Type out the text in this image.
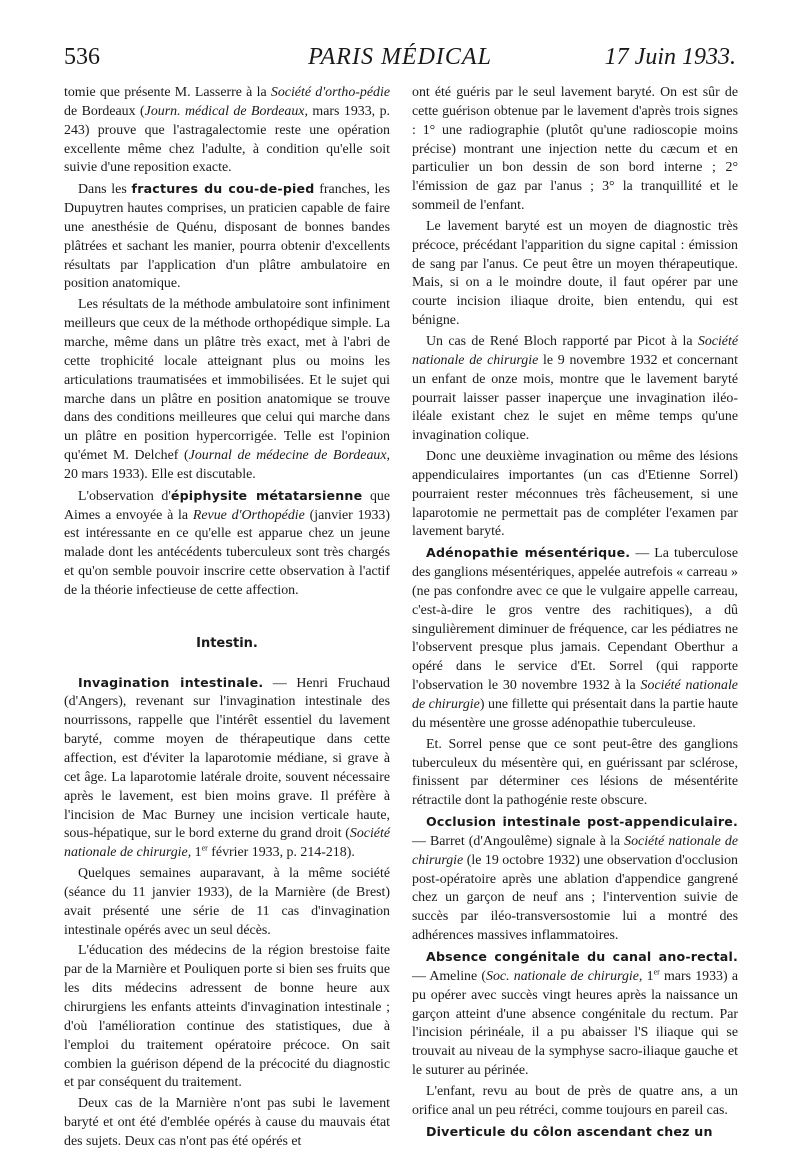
536	PARIS MÉDICAL	17 Juin 1933.

tomie que présente M. Lasserre à la Société d'ortho-pédie de Bordeaux (Journ. médical de Bordeaux, mars 1933, p. 243) prouve que l'astragalectomie reste une opération excellente même chez l'adulte, à condition qu'elle soit suivie d'une reposition exacte.

Dans les fractures du cou-de-pied franches, les Dupuytren hautes comprises, un praticien capable de faire une anesthésie de Quénu, disposant de bonnes bandes plâtrées et sachant les manier, pourra obtenir d'excellents résultats par l'application d'un plâtre ambulatoire en position anatomique.

Les résultats de la méthode ambulatoire sont infiniment meilleurs que ceux de la méthode orthopédique simple. La marche, même dans un plâtre très exact, met à l'abri de cette trophicité locale atteignant plus ou moins les articulations traumatisées et immobilisées. Et le sujet qui marche dans un plâtre en position anatomique se trouve dans des conditions meilleures que celui qui marche dans un plâtre en position hypercorrigée. Telle est l'opinion qu'émet M. Delchef (Journal de médecine de Bordeaux, 20 mars 1933). Elle est discutable.

L'observation d'épiphysite métatarsienne que Aimes a envoyée à la Revue d'Orthopédie (janvier 1933) est intéressante en ce qu'elle est apparue chez un jeune malade dont les antécédents tuberculeux sont très chargés et qu'on semble pouvoir inscrire cette observation à l'actif de la théorie infectieuse de cette affection.

Intestin.

Invagination intestinale. — Henri Fruchaud (d'Angers), revenant sur l'invagination intestinale des nourrissons, rappelle que l'intérêt essentiel du lavement baryté, comme moyen de thérapeutique dans cette affection, est d'éviter la laparotomie médiane, si grave à cet âge. La laparotomie latérale droite, souvent nécessaire après le lavement, est bien moins grave. Il préfère à l'incision de Mac Burney une incision verticale haute, sous-hépatique, sur le bord externe du grand droit (Société nationale de chirurgie, 1er février 1933, p. 214-218).

Quelques semaines auparavant, à la même société (séance du 11 janvier 1933), de la Marnière (de Brest) avait présenté une série de 11 cas d'invagination intestinale opérés avec un seul décès.

L'éducation des médecins de la région brestoise faite par de la Marnière et Pouliquen porte si bien ses fruits que les dits médecins adressent de bonne heure aux chirurgiens les enfants atteints d'invagination intestinale ; d'où l'amélioration continue des statistiques, due à l'emploi du traitement opératoire précoce. On sait combien la guérison dépend de la précocité du diagnostic et par conséquent du traitement.

Deux cas de la Marnière n'ont pas subi le lavement baryté et ont été d'emblée opérés à cause du mauvais état des sujets. Deux cas n'ont pas été opérés et

ont été guéris par le seul lavement baryté. On est sûr de cette guérison obtenue par le lavement d'après trois signes : 1° une radiographie (plutôt qu'une radioscopie moins précise) montrant une injection nette du cæcum et en particulier un bon dessin de son bord interne ; 2° l'émission de gaz par l'anus ; 3° la tranquillité et le sommeil de l'enfant.

Le lavement baryté est un moyen de diagnostic très précoce, précédant l'apparition du signe capital : émission de sang par l'anus. Ce peut être un moyen thérapeutique. Mais, si on a le moindre doute, il faut opérer par une courte incision iliaque droite, bien entendu, qui est bénigne.

Un cas de René Bloch rapporté par Picot à la Société nationale de chirurgie le 9 novembre 1932 et concernant un enfant de onze mois, montre que le lavement baryté pourrait laisser passer inaperçue une invagination iléo-iléale existant chez le sujet en même temps qu'une invagination colique.

Donc une deuxième invagination ou même des lésions appendiculaires importantes (un cas d'Etienne Sorrel) pourraient rester méconnues très fâcheusement, si une laparotomie ne permettait pas de compléter l'examen par lavement baryté.

Adénopathie mésentérique. — La tuberculose des ganglions mésentériques, appelée autrefois « carreau » (ne pas confondre avec ce que le vulgaire appelle carreau, c'est-à-dire le gros ventre des rachitiques), a dû singulièrement diminuer de fréquence, car les pédiatres ne l'observent presque plus jamais. Cependant Oberthur a opéré dans le service d'Et. Sorrel (qui rapporte l'observation le 30 novembre 1932 à la Société nationale de chirurgie) une fillette qui présentait dans la partie haute du mésentère une grosse adénopathie tuberculeuse.

Et. Sorrel pense que ce sont peut-être des ganglions tuberculeux du mésentère qui, en guérissant par sclérose, finissent par déterminer ces lésions de mésentérite rétractile dont la pathogénie reste obscure.

Occlusion intestinale post-appendiculaire. — Barret (d'Angoulême) signale à la Société nationale de chirurgie (le 19 octobre 1932) une observation d'occlusion post-opératoire après une ablation d'appendice gangrené chez un garçon de neuf ans ; l'intervention suivie de succès par iléo-transversostomie lui a montré des adhérences massives inflammatoires.

Absence congénitale du canal ano-rectal. — Ameline (Soc. nationale de chirurgie, 1er mars 1933) a pu opérer avec succès vingt heures après la naissance un garçon atteint d'une absence congénitale du rectum. Par l'incision périnéale, il a pu abaisser l'S iliaque qui se trouvait au niveau de la symphyse sacro-iliaque gauche et le suturer au périnée.

L'enfant, revu au bout de près de quatre ans, a un orifice anal un peu rétréci, comme toujours en pareil cas.

Diverticule du côlon ascendant chez un
